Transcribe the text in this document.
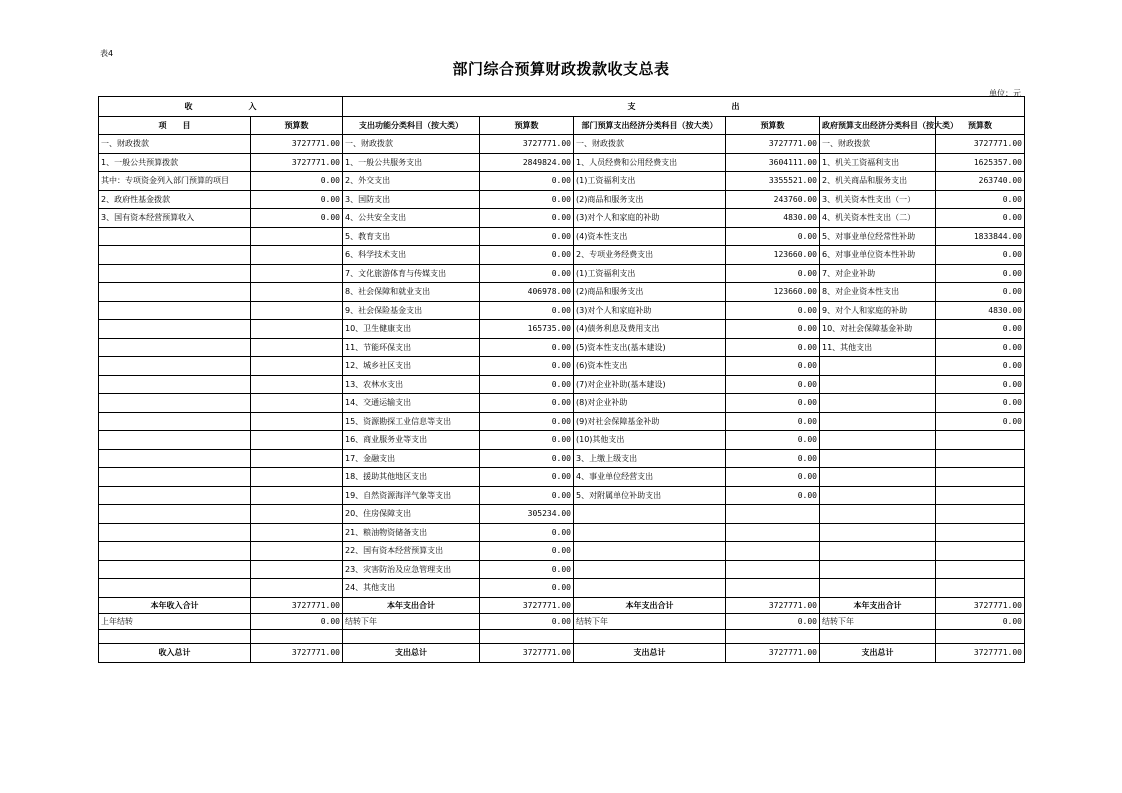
表4
部门综合预算财政拨款收支总表
单位：元
收　　　　　　　入		支　　　　　　　　　　　　出					
项　　目	预算数	支出功能分类科目（按大类）	预算数	部门预算支出经济分类科目（按大类）	预算数	政府预算支出经济分类科目（按大类）	预算数
一、财政拨款	3727771.00	一、财政拨款	3727771.00	一、财政拨款	3727771.00	一、财政拨款	3727771.00
1、一般公共预算拨款	3727771.00	1、一般公共服务支出	2849824.00	1、人员经费和公用经费支出	3604111.00	1、机关工资福利支出	1625357.00
其中：专项资金列入部门预算的项目	0.00	2、外交支出	0.00	(1)工资福利支出	3355521.00	2、机关商品和服务支出	263740.00
2、政府性基金拨款	0.00	3、国防支出	0.00	(2)商品和服务支出	243760.00	3、机关资本性支出（一）	0.00
3、国有资本经营预算收入	0.00	4、公共安全支出	0.00	(3)对个人和家庭的补助	4830.00	4、机关资本性支出（二）	0.00
		5、教育支出	0.00	(4)资本性支出	0.00	5、对事业单位经常性补助	1833844.00
		6、科学技术支出	0.00	2、专项业务经费支出	123660.00	6、对事业单位资本性补助	0.00
		7、文化旅游体育与传媒支出	0.00	(1)工资福利支出	0.00	7、对企业补助	0.00
		8、社会保障和就业支出	406978.00	(2)商品和服务支出	123660.00	8、对企业资本性支出	0.00
		9、社会保险基金支出	0.00	(3)对个人和家庭补助	0.00	9、对个人和家庭的补助	4830.00
		10、卫生健康支出	165735.00	(4)债务利息及费用支出	0.00	10、对社会保障基金补助	0.00
		11、节能环保支出	0.00	(5)资本性支出(基本建设)	0.00	11、其他支出	0.00
		12、城乡社区支出	0.00	(6)资本性支出	0.00		0.00
		13、农林水支出	0.00	(7)对企业补助(基本建设)	0.00		0.00
		14、交通运输支出	0.00	(8)对企业补助	0.00		0.00
		15、资源勘探工业信息等支出	0.00	(9)对社会保障基金补助	0.00		0.00
		16、商业服务业等支出	0.00	(10)其他支出	0.00		
		17、金融支出	0.00	3、上缴上级支出	0.00		
		18、援助其他地区支出	0.00	4、事业单位经营支出	0.00		
		19、自然资源海洋气象等支出	0.00	5、对附属单位补助支出	0.00		
		20、住房保障支出	305234.00				
		21、粮油物资储备支出	0.00				
		22、国有资本经营预算支出	0.00				
		23、灾害防治及应急管理支出	0.00				
		24、其他支出	0.00				
本年收入合计	3727771.00	本年支出合计	3727771.00	本年支出合计	3727771.00	本年支出合计	3727771.00
上年结转	0.00	结转下年	0.00	结转下年	0.00	结转下年	0.00

收入总计	3727771.00	支出总计	3727771.00	支出总计	3727771.00	支出总计	3727771.00
